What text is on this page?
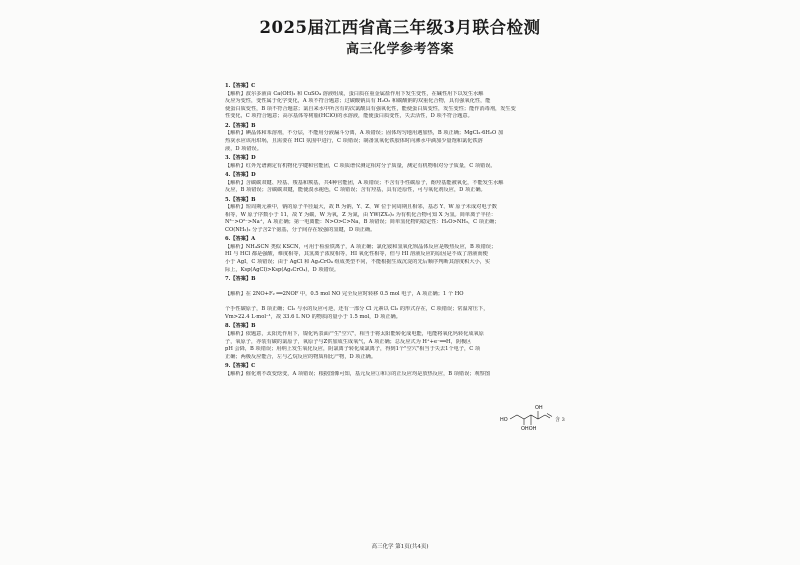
2025届江西省高三年级3月联合检测
高三化学参考答案
1.【答案】C
【解析】波尔多液由 Ca(OH)₂ 和 CuSO₄ 溶液组成，蛋白质在重金属盐作用下发生变性，在碱性用下以发生水解
反应为变性，变性属于化学变化，A 项不符合题意；过碳酸钠具有 H₂O₂ 和碳酸钠的双重化合物，具有强氧化性，能
使蛋白质变性，B 项不符合题意；氯自来水中所含有的次氯酸具有强氧化性，能使蛋白质变性，发生变性；能作消毒剂，发生变
性变化，C 项符合题意；高尔基体等树脂(HClO)的水溶液，能使蛋白质变性，失去活性，D 项不符合题意。
2.【答案】B
【解析】碘晶体和苯溶剂，不分层，不能用分液漏斗分离，A 项错误；固体均匀地用遇加热，B 项正确；MgCl₂·6H₂O 加
热灰水应该用坩埚，且需要在 HCl 氛围中进行，C 项错误；制备氢氧化铁胶体时向沸水中滴加少量饱和氯化铁溶
液，D 项错误。
3.【答案】D
【解析】红外光谱测定有机物化学键和官能团，C 项质谱仪测定相对分子质量，测定有机物相对分子质量，C 项错误。
4.【答案】D
【解析】含碳碳双键、羟基、羧基和羰基，共4种官能团，A 项错误；不含有手性碳原子，酚羟基能被氧化，不能发生水解
反应，B 项错误；含碳碳双键，能使溴水褪色，C 项错误；含有羟基，具有还原性，可与氧化剂反应，D 项正确。
5.【答案】B
【解析】短周期元素中，钠的原子半径最大，故 R 为钠，Y、Z、W 位于同周期且相邻，基态 Y、W 原子未成对电子数
相等，W 原子序数小于 11，故 Y 为碳，W 为氧，Z 为氮，由 YW(ZX₂)₂ 为有机化合物可知 X 为氢。简单离子半径：
N³⁻>O²⁻>Na⁺，A 项正确；第一电离能：N>O>C>Na，B 项错误；简单氢化物的稳定性：H₂O>NH₃，C 项正确；
CO(NH₂)₂ 分子含2个氨基，分子间存在较强的氢键，D 项正确。
6.【答案】A
【解析】NH₄SCN 类似 KSCN，可用于检验铁离子，A 项正确；氯化铵和氢氧化钡晶体反应是吸热反应，B 项错误；
HI 与 HCl 都是强酸，难度相等，其氢离子浓度相等，HI 氧化性相等，但与 HI 溶液反应的原因是不成了溶液而便
小于 AgI，C 项错误；由于 AgCl 和 Ag₂CrO₄ 组成类型不同，不能根据生成沉淀的先后顺序判断其溶度积大小，实
际上，Ksp(AgCl)>Ksp(Ag₂CrO₄)，D 项错误。
7.【答案】B

【解析】在 2NO+F₂ ══2NOF 中，0.5 mol NO 完全反应时转移 0.5 mol 电子，A 项正确；1 个 HO

个手性碳原子，B 项正确；Cl₂ 与水的反应可逆，还有一部分 Cl 元素以 Cl₂ 的形式存在，C 项错误；常温常压下，
Vm>22.4 L·mol⁻¹，故 33.6 L NO 的物质的量小于 1.5 mol，D 项正确。
8.【答案】B
【解析】依题意，太阳光作用下，镍化钙表面产生"空穴"，相当于将太阳能转化成电能，电能将氧化钙转化成氧原
子，氧原子，亦装有碳的氯原子，氧原子与Z供加成生成氧气，A 项正确；总反应式为 H⁺+e⁻══H，阴极区
pH 会降，B 项错误；用纳上发生氧化反应，阴氯离子转化成氯离子，得到1个"空穴"相当于失去1个电子，C 项
正确；两极反应能合，左与乙烷反应的物质相比产物，D 项正确。
9.【答案】C
【解析】催化剂不改变焓变，A 项错误；根据图像可知，基元反应①和③的正反应均是放热反应，B 项错误；观察图
OH
HO
OHOH
含 3
高三化学 第1页(共4页)
